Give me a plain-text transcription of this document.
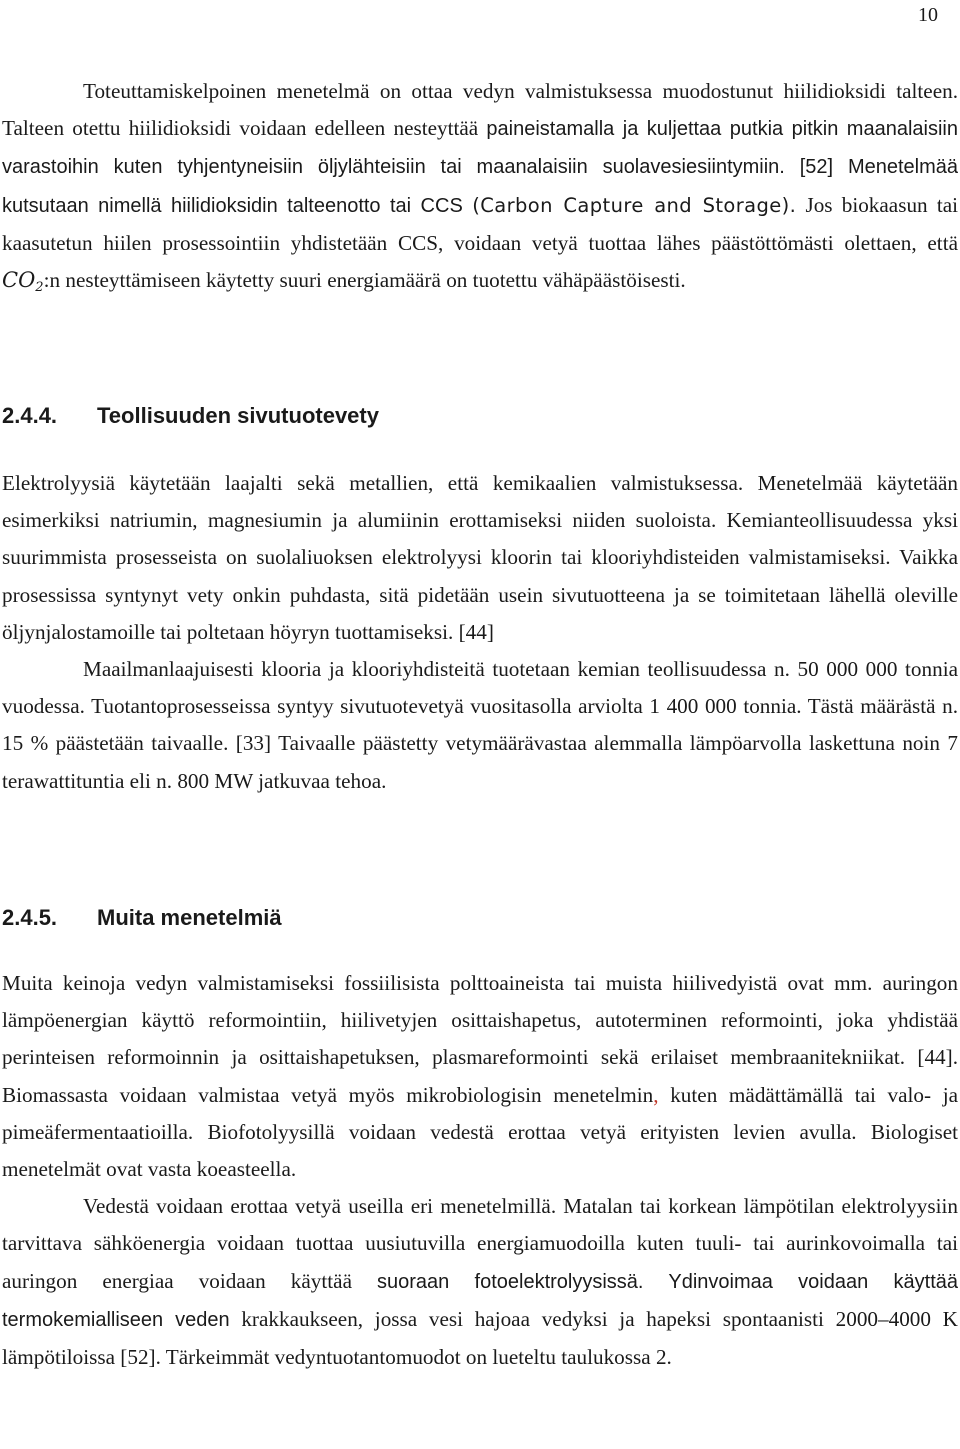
10

Toteuttamiskelpoinen menetelmä on ottaa vedyn valmistuksessa muodostunut hiilidioksidi talteen. Talteen otettu hiilidioksidi voidaan edelleen nesteyttää paineistamalla ja kuljettaa putkia pitkin maanalaisiin varastoihin kuten tyhjentyneisiin öljylähteisiin tai maanalaisiin suolavesiesiintymiin. [52] Menetelmää kutsutaan nimellä hiilidioksidin talteenotto tai CCS (Carbon Capture and Storage). Jos biokaasun tai kaasutetun hiilen prosessointiin yhdistetään CCS, voidaan vetyä tuottaa lähes päästöttömästi olettaen, että $CO_2:n$ nesteyttämiseen käytetty suuri energiamäärä on tuotettu vähäpäästöisesti.

2.4.4. Teollisuuden sivutuotevety

Elektrolyysiä käytetään laajalti sekä metallien, että kemikaalien valmistuksessa. Menetelmää käytetään esimerkiksi natriumin, magnesiumin ja alumiinin erottamiseksi niiden suoloista. Kemianteollisuudessa yksi suurimmista prosesseista on suolaliuoksen elektrolyysi kloorin tai klooriyhdisteiden valmistamiseksi. Vaikka prosessissa syntynyt vety onkin puhdasta, sitä pidetään usein sivutuotteena ja se toimitetaan lähellä oleville öljynjalostamoille tai poltetaan höyryn tuottamiseksi. [44]

Maailmanlaajuisesti klooria ja klooriyhdisteitä tuotetaan kemian teollisuudessa n. 50 000 000 tonnia vuodessa. Tuotantoprosesseissa syntyy sivutuotevetyä vuositasolla arviolta 1 400 000 tonnia. Tästä määrästä n. 15 % päästetään taivaalle. [33] Taivaalle päästetty vetymäärävastaa alemmalla lämpöarvolla laskettuna noin 7 terawattituntia eli n. 800 MW jatkuvaa tehoa.

2.4.5. Muita menetelmiä

Muita keinoja vedyn valmistamiseksi fossiilisista polttoaineista tai muista hiilivedyistä ovat mm. auringon lämpöenergian käyttö reformointiin, hiilivetyjen osittaishapetus, autoterminen reformointi, joka yhdistää perinteisen reformoinnin ja osittaishapetuksen, plasmareformointi sekä erilaiset membraanitekniikat. [44]. Biomassasta voidaan valmistaa vetyä myös mikrobiologisin menetelmin, kuten mädättämällä tai valo- ja pimeäfermentaatioilla. Biofotolyysillä voidaan vedestä erottaa vetyä erityisten levien avulla. Biologiset menetelmät ovat vasta koeasteella.

Vedestä voidaan erottaa vetyä useilla eri menetelmillä. Matalan tai korkean lämpötilan elektrolyysiin tarvittava sähköenergia voidaan tuottaa uusiutuvilla energiamuodoilla kuten tuuli- tai aurinkovoimalla tai auringon energiaa voidaan käyttää suoraan fotoelektrolyysissä. Ydinvoimaa voidaan käyttää termokemialliseen veden krakkaukseen, jossa vesi hajoaa vedyksi ja hapeksi spontaanisti 2000–4000 K lämpötiloissa [52]. Tärkeimmät vedyntuotantomuodot on lueteltu taulukossa 2.
